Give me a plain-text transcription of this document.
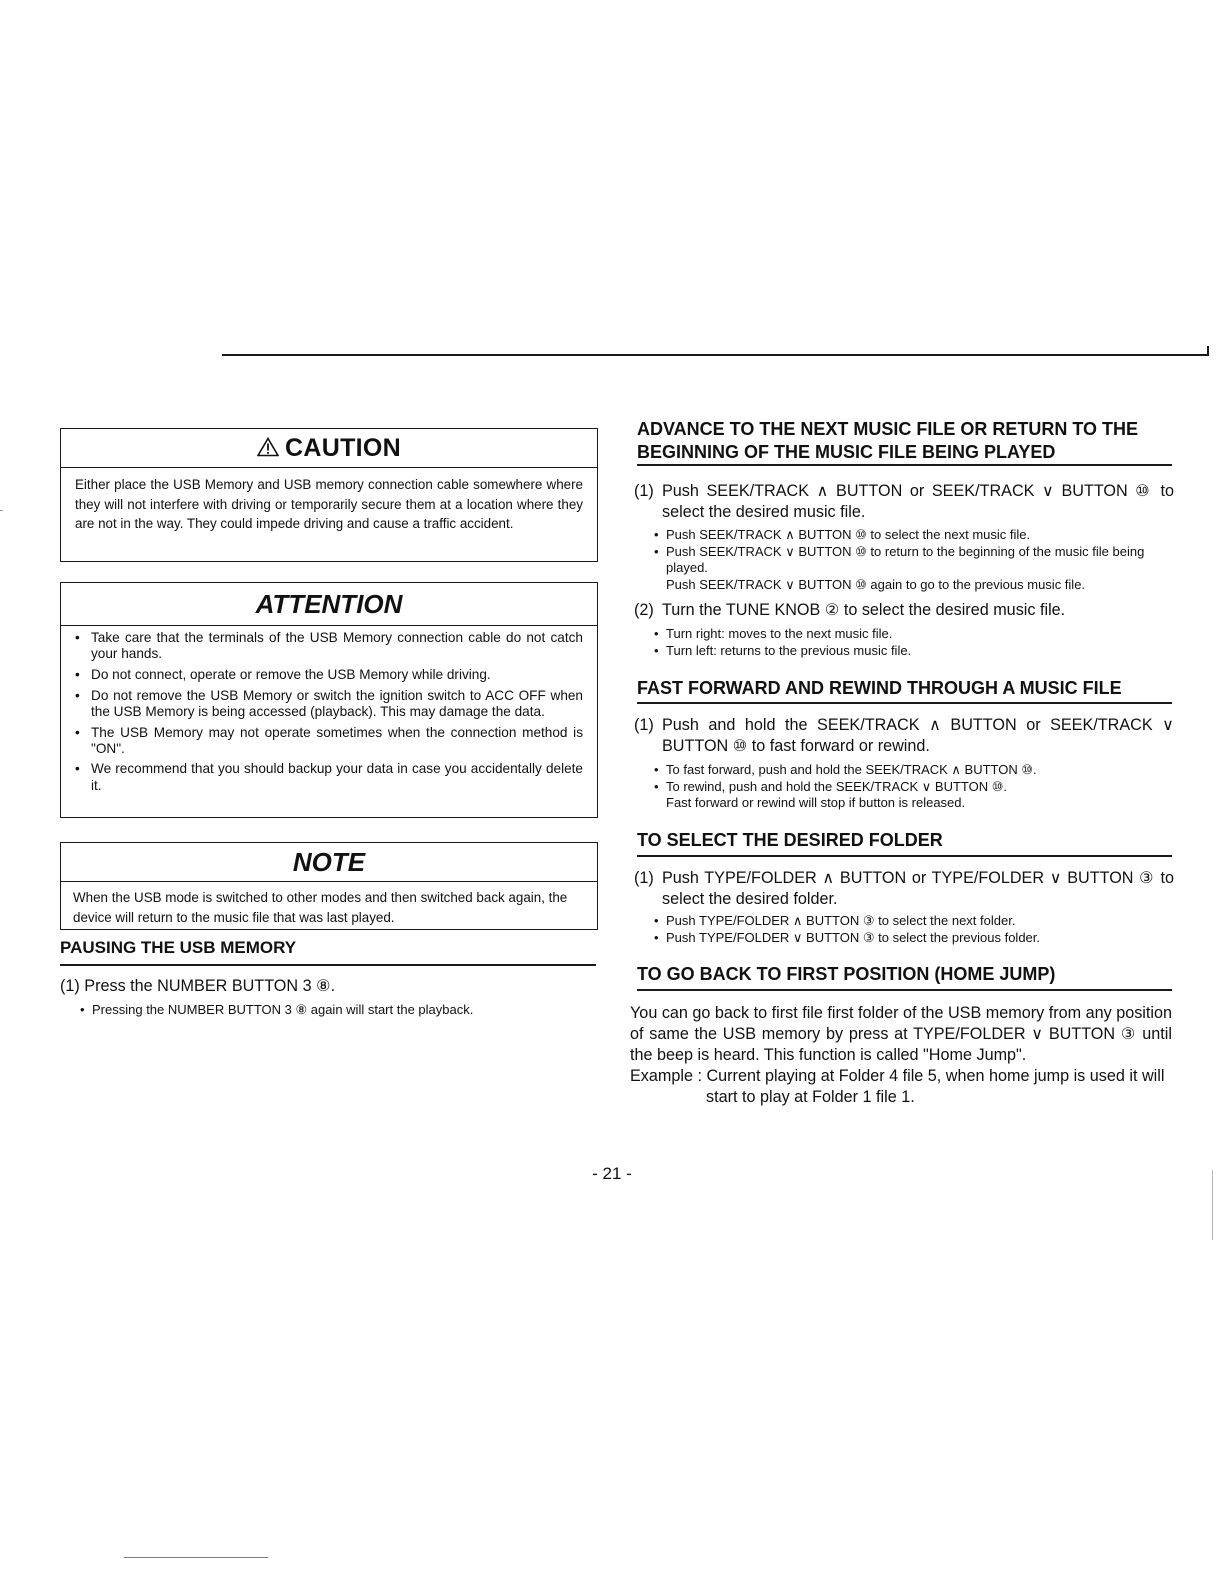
CAUTION
Either place the USB Memory and USB memory connection cable somewhere where they will not interfere with driving or temporarily secure them at a location where they are not in the way. They could impede driving and cause a traffic accident.
ATTENTION
• Take care that the terminals of the USB Memory connection cable do not catch your hands.
• Do not connect, operate or remove the USB Memory while driving.
• Do not remove the USB Memory or switch the ignition switch to ACC OFF when the USB Memory is being accessed (playback). This may damage the data.
• The USB Memory may not operate sometimes when the connection method is "ON".
• We recommend that you should backup your data in case you accidentally delete it.
NOTE
When the USB mode is switched to other modes and then switched back again, the device will return to the music file that was last played.
PAUSING THE USB MEMORY
(1) Press the NUMBER BUTTON 3 ⑧.
• Pressing the NUMBER BUTTON 3 ⑧ again will start the playback.
ADVANCE TO THE NEXT MUSIC FILE OR RETURN TO THE
BEGINNING OF THE MUSIC FILE BEING PLAYED
(1) Push SEEK/TRACK ∧ BUTTON or SEEK/TRACK ∨ BUTTON ⑩ to select the desired music file.
• Push SEEK/TRACK ∧ BUTTON ⑩ to select the next music file.
• Push SEEK/TRACK ∨ BUTTON ⑩ to return to the beginning of the music file being played.
Push SEEK/TRACK ∨ BUTTON ⑩ again to go to the previous music file.
(2) Turn the TUNE KNOB ② to select the desired music file.
• Turn right: moves to the next music file.
• Turn left: returns to the previous music file.
FAST FORWARD AND REWIND THROUGH A MUSIC FILE
(1) Push and hold the SEEK/TRACK ∧ BUTTON or SEEK/TRACK ∨ BUTTON ⑩ to fast forward or rewind.
• To fast forward, push and hold the SEEK/TRACK ∧ BUTTON ⑩.
• To rewind, push and hold the SEEK/TRACK ∨ BUTTON ⑩.
Fast forward or rewind will stop if button is released.
TO SELECT THE DESIRED FOLDER
(1) Push TYPE/FOLDER ∧ BUTTON or TYPE/FOLDER ∨ BUTTON ③ to select the desired folder.
• Push TYPE/FOLDER ∧ BUTTON ③ to select the next folder.
• Push TYPE/FOLDER ∨ BUTTON ③ to select the previous folder.
TO GO BACK TO FIRST POSITION (HOME JUMP)
You can go back to first file first folder of the USB memory from any position of same the USB memory by press at TYPE/FOLDER ∨ BUTTON ③ until the beep is heard. This function is called "Home Jump".
Example : Current playing at Folder 4 file 5, when home jump is used it will
start to play at Folder 1 file 1.
- 21 -
